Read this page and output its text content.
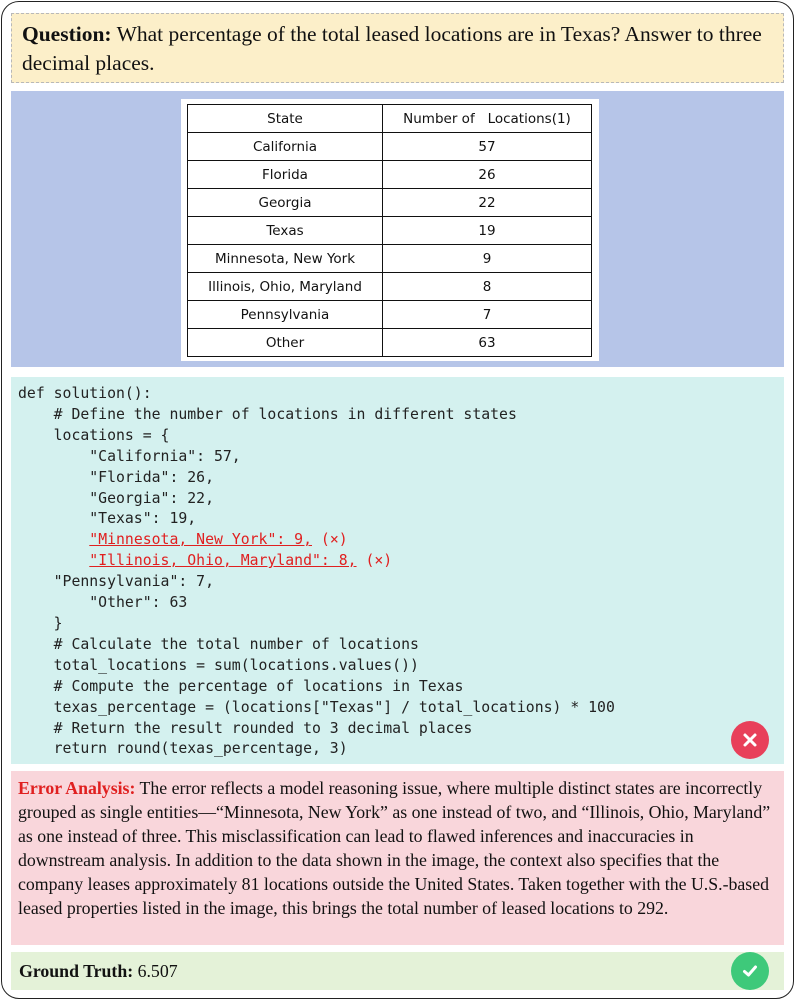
Question: What percentage of the total leased locations are in Texas? Answer to three decimal places.
State	Number of   Locations(1)
California	57
Florida	26
Georgia	22
Texas	19
Minnesota, New York	9
Illinois, Ohio, Maryland	8
Pennsylvania	7
Other	63
def solution():
# Define the number of locations in different states
locations = {
"California": 57,
"Florida": 26,
"Georgia": 22,
"Texas": 19,
"Minnesota, New York": 9, (×)
"Illinois, Ohio, Maryland": 8, (×)
"Pennsylvania": 7,
"Other": 63
}
# Calculate the total number of locations
total_locations = sum(locations.values())
# Compute the percentage of locations in Texas
texas_percentage = (locations["Texas"] / total_locations) * 100
# Return the result rounded to 3 decimal places
return round(texas_percentage, 3)
Error Analysis: The error reflects a model reasoning issue, where multiple distinct states are incorrectly grouped as single entities—“Minnesota, New York” as one instead of two, and “Illinois, Ohio, Maryland” as one instead of three. This misclassification can lead to flawed inferences and inaccuracies in downstream analysis. In addition to the data shown in the image, the context also specifies that the company leases approximately 81 locations outside the United States. Taken together with the U.S.-based leased properties listed in the image, this brings the total number of leased locations to 292.
Ground Truth: 6.507
